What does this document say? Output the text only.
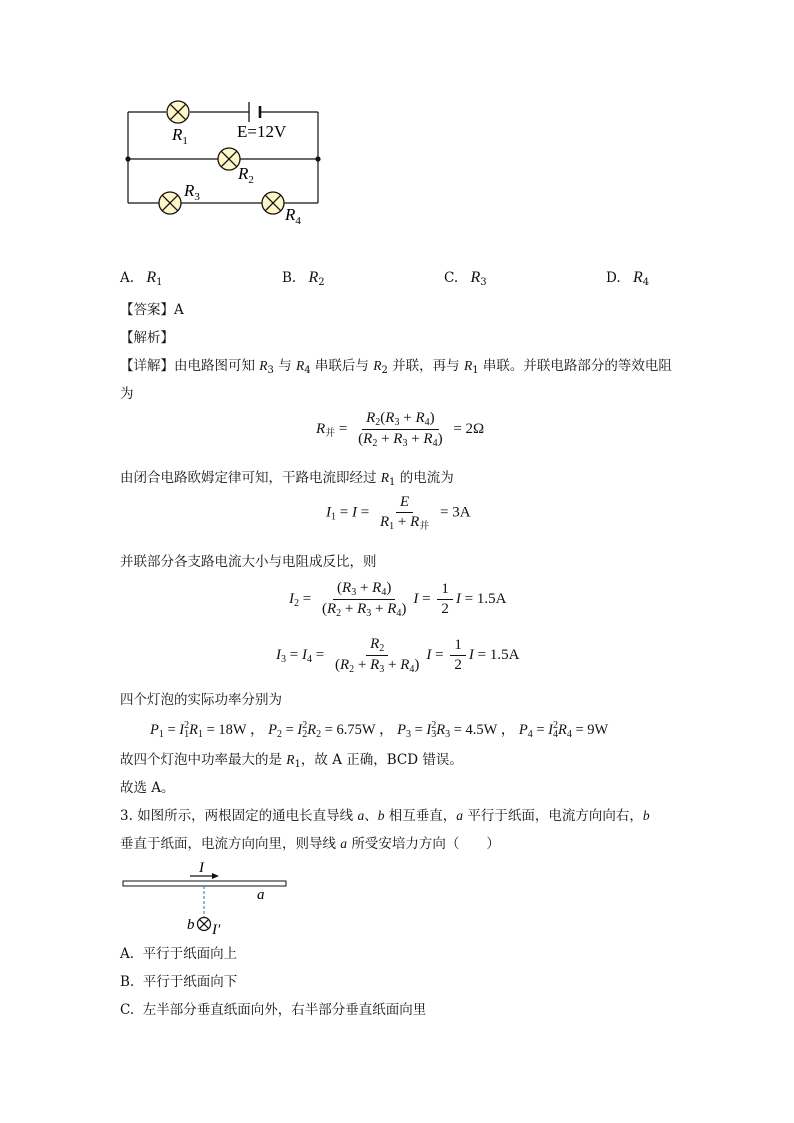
$R_1$	E=12V
$R_2$
$R_3$
$R_4$
A. $R_1$	B. $R_2$	C. $R_3$	D. $R_4$
【答案】A
【解析】
【详解】由电路图可知 $R_3$ 与 $R_4$ 串联后与 $R_2$ 并联，再与 $R_1$ 串联。并联电路部分的等效电阻
为
$R_并 = \frac{R_2(R_3 + R_4)}{(R_2 + R_3 + R_4)} = 2\Omega$
由闭合电路欧姆定律可知，干路电流即经过 $R_1$ 的电流为
$I_1 = I = \frac{E}{R_1 + R_并} = 3A$
并联部分各支路电流大小与电阻成反比，则
$I_2 = \frac{(R_3 + R_4)}{(R_2 + R_3 + R_4)}$ $I = \frac{1}{2}$ I = 1.5A
$I_3 = I_4 = \frac{R_2}{(R_2 + R_3 + R_4)}$ $I = \frac{1}{2}$ I = 1.5A
四个灯泡的实际功率分别为
$P_1 = I^2_1R_1 = 18W$ ， $P_2 = I^2_2R_2 = 6.75W$ ， $P_3 = I^2_3R_3 = 4.5W$ ， $P_4 = I^2_4R_4 = 9W$
故四个灯泡中功率最大的是 $R_1$，故 A 正确，BCD 错误。
故选 A。
3. 如图所示，两根固定的通电长直导线 a、b 相互垂直，a 平行于纸面，电流方向向右，b
垂直于纸面，电流方向向里，则导线 a 所受安培力方向（　　）
I
a
b I′
A. 平行于纸面向上
B. 平行于纸面向下
C. 左半部分垂直纸面向外，右半部分垂直纸面向里
